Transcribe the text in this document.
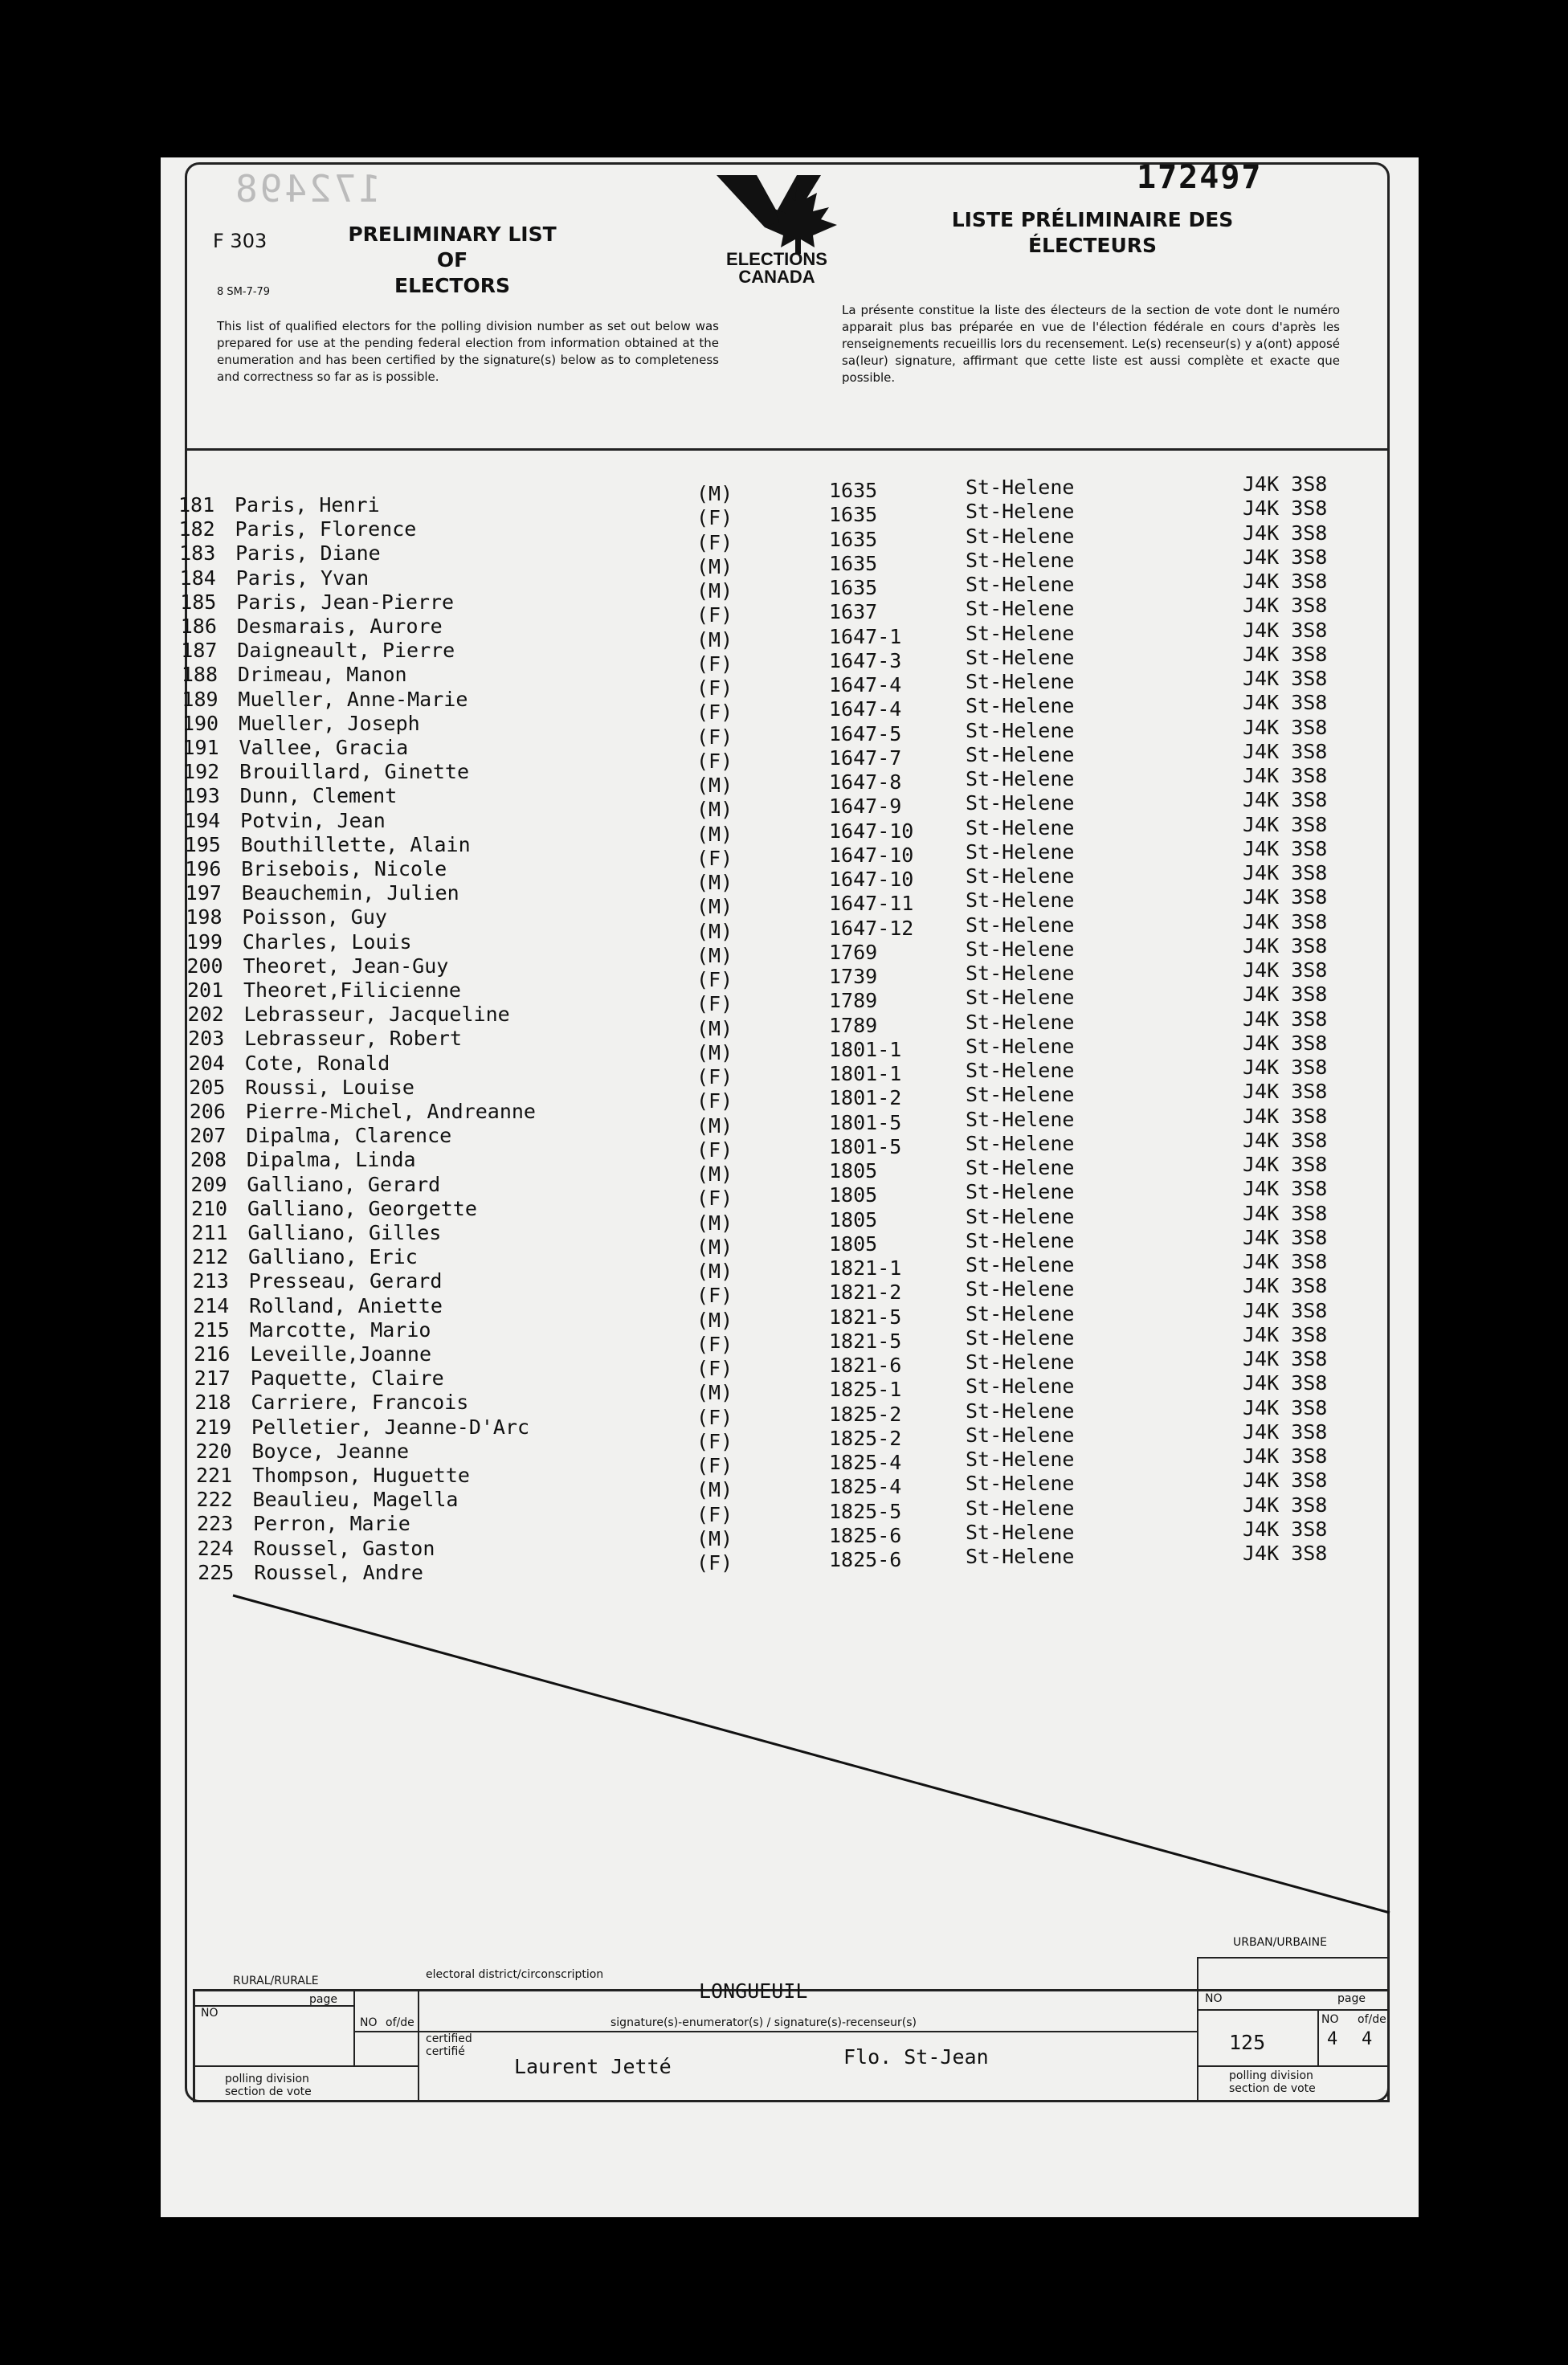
172498	172497
F 303
8 SM-7-79
PRELIMINARY LIST OF
ELECTORS
ELECTIONS
CANADA
LISTE PRÉLIMINAIRE DES
ÉLECTEURS
This list of qualified electors for the polling division number as set out below was prepared for use at the pending federal election from information obtained at the enumeration and has been certified by the signature(s) below as to completeness and correctness so far as is possible.
La présente constitue la liste des électeurs de la section de vote dont le numéro apparait plus bas préparée en vue de l'élection fédérale en cours d'après les renseignements recueillis lors du recensement. Le(s) recenseur(s) y a(ont) apposé sa(leur) signature, affirmant que cette liste est aussi complète et exacte que possible.
181 Paris, Henri	(M)	1635	St-Helene	J4K 3S8
182 Paris, Florence	(F)	1635	St-Helene	J4K 3S8
183 Paris, Diane	(F)	1635	St-Helene	J4K 3S8
184 Paris, Yvan	(M)	1635	St-Helene	J4K 3S8
185 Paris, Jean-Pierre	(M)	1635	St-Helene	J4K 3S8
186 Desmarais, Aurore	(F)	1637	St-Helene	J4K 3S8
187 Daigneault, Pierre	(M)	1647-1	St-Helene	J4K 3S8
188 Drimeau, Manon	(F)	1647-3	St-Helene	J4K 3S8
189 Mueller, Anne-Marie	(F)	1647-4	St-Helene	J4K 3S8
190 Mueller, Joseph	(F)	1647-4	St-Helene	J4K 3S8
191 Vallee, Gracia	(F)	1647-5	St-Helene	J4K 3S8
192 Brouillard, Ginette	(F)	1647-7	St-Helene	J4K 3S8
193 Dunn, Clement	(M)	1647-8	St-Helene	J4K 3S8
194 Potvin, Jean	(M)	1647-9	St-Helene	J4K 3S8
195 Bouthillette, Alain	(M)	1647-10	St-Helene	J4K 3S8
196 Brisebois, Nicole	(F)	1647-10	St-Helene	J4K 3S8
197 Beauchemin, Julien	(M)	1647-10	St-Helene	J4K 3S8
198 Poisson, Guy	(M)	1647-11	St-Helene	J4K 3S8
199 Charles, Louis	(M)	1647-12	St-Helene	J4K 3S8
200 Theoret, Jean-Guy	(M)	1769	St-Helene	J4K 3S8
201 Theoret,Filicienne	(F)	1739	St-Helene	J4K 3S8
202 Lebrasseur, Jacqueline	(F)	1789	St-Helene	J4K 3S8
203 Lebrasseur, Robert	(M)	1789	St-Helene	J4K 3S8
204 Cote, Ronald	(M)	1801-1	St-Helene	J4K 3S8
205 Roussi, Louise	(F)	1801-1	St-Helene	J4K 3S8
206 Pierre-Michel, Andreanne	(F)	1801-2	St-Helene	J4K 3S8
207 Dipalma, Clarence	(M)	1801-5	St-Helene	J4K 3S8
208 Dipalma, Linda	(F)	1801-5	St-Helene	J4K 3S8
209 Galliano, Gerard	(M)	1805	St-Helene	J4K 3S8
210 Galliano, Georgette	(F)	1805	St-Helene	J4K 3S8
211 Galliano, Gilles	(M)	1805	St-Helene	J4K 3S8
212 Galliano, Eric	(M)	1805	St-Helene	J4K 3S8
213 Presseau, Gerard	(M)	1821-1	St-Helene	J4K 3S8
214 Rolland, Aniette	(F)	1821-2	St-Helene	J4K 3S8
215 Marcotte, Mario	(M)	1821-5	St-Helene	J4K 3S8
216 Leveille,Joanne	(F)	1821-5	St-Helene	J4K 3S8
217 Paquette, Claire	(F)	1821-6	St-Helene	J4K 3S8
218 Carriere, Francois	(M)	1825-1	St-Helene	J4K 3S8
219 Pelletier, Jeanne-D'Arc	(F)	1825-2	St-Helene	J4K 3S8
220 Boyce, Jeanne	(F)	1825-2	St-Helene	J4K 3S8
221 Thompson, Huguette	(F)	1825-4	St-Helene	J4K 3S8
222 Beaulieu, Magella	(M)	1825-4	St-Helene	J4K 3S8
223 Perron, Marie	(F)	1825-5	St-Helene	J4K 3S8
224 Roussel, Gaston	(M)	1825-6	St-Helene	J4K 3S8
225 Roussel, Andre	(F)	1825-6	St-Helene	J4K 3S8
RURAL/RURALE
URBAN/URBAINE
electoral district/circonscription
LONGUEUIL
NO
page
NO of/de
certified
certifié
signature(s)-enumerator(s) / signature(s)-recenseur(s)
Laurent Jetté	Flo. St-Jean
polling division
section de vote
NO	page
125
NO of/de
4 4
polling division
section de vote
